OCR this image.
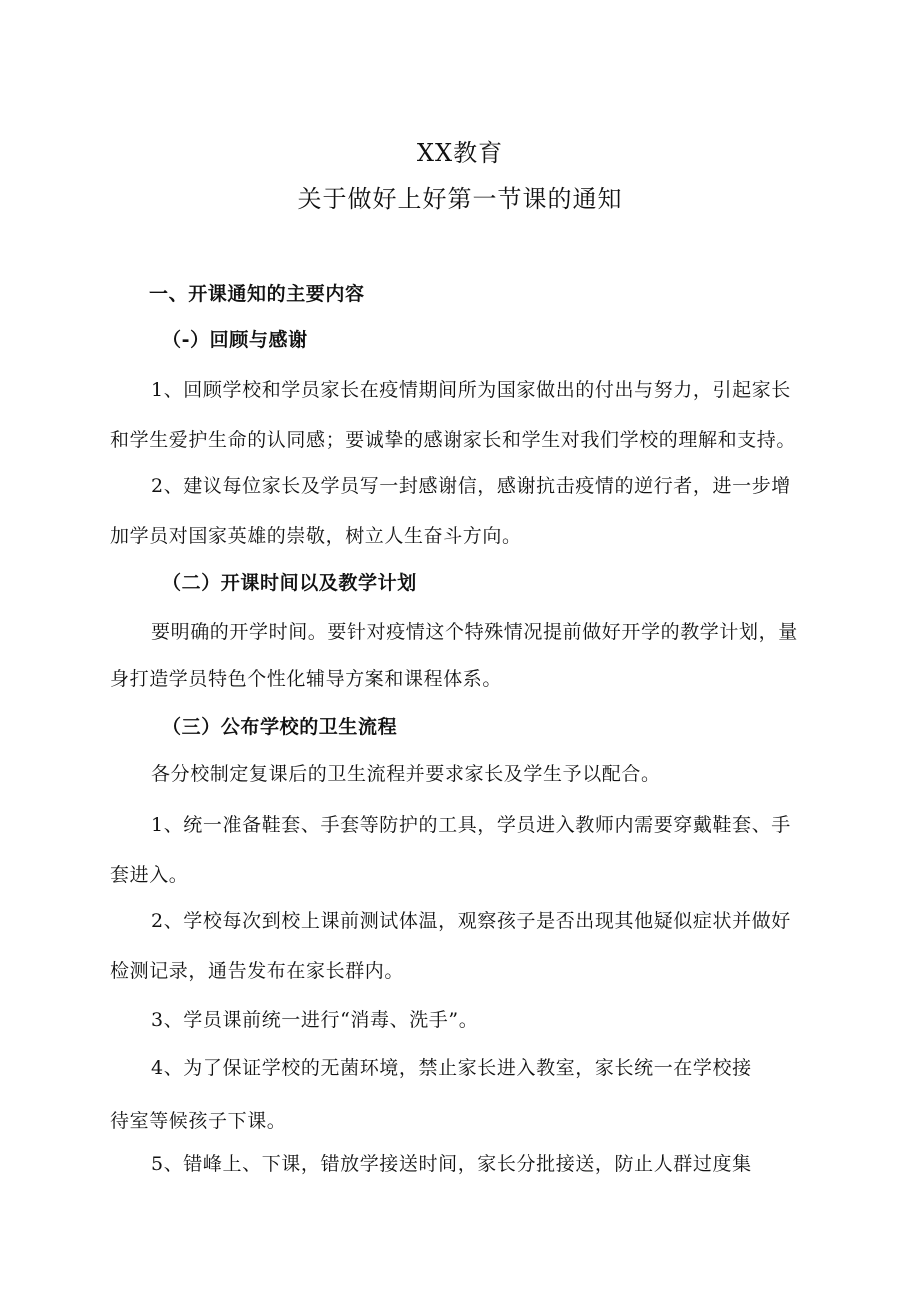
XX教育
关于做好上好第一节课的通知
一、开课通知的主要内容
（-）回顾与感谢
1、回顾学校和学员家长在疫情期间所为国家做出的付出与努力，引起家长
和学生爱护生命的认同感；要诚挚的感谢家长和学生对我们学校的理解和支持。
2、建议每位家长及学员写一封感谢信，感谢抗击疫情的逆行者，进一步增
加学员对国家英雄的崇敬，树立人生奋斗方向。
（二）开课时间以及教学计划
要明确的开学时间。要针对疫情这个特殊情况提前做好开学的教学计划，量
身打造学员特色个性化辅导方案和课程体系。
（三）公布学校的卫生流程
各分校制定复课后的卫生流程并要求家长及学生予以配合。
1、统一准备鞋套、手套等防护的工具，学员进入教师内需要穿戴鞋套、手
套进入。
2、学校每次到校上课前测试体温，观察孩子是否出现其他疑似症状并做好
检测记录，通告发布在家长群内。
3、学员课前统一进行“消毒、洗手”。
4、为了保证学校的无菌环境，禁止家长进入教室，家长统一在学校接
待室等候孩子下课。
5、错峰上、下课，错放学接送时间，家长分批接送，防止人群过度集
